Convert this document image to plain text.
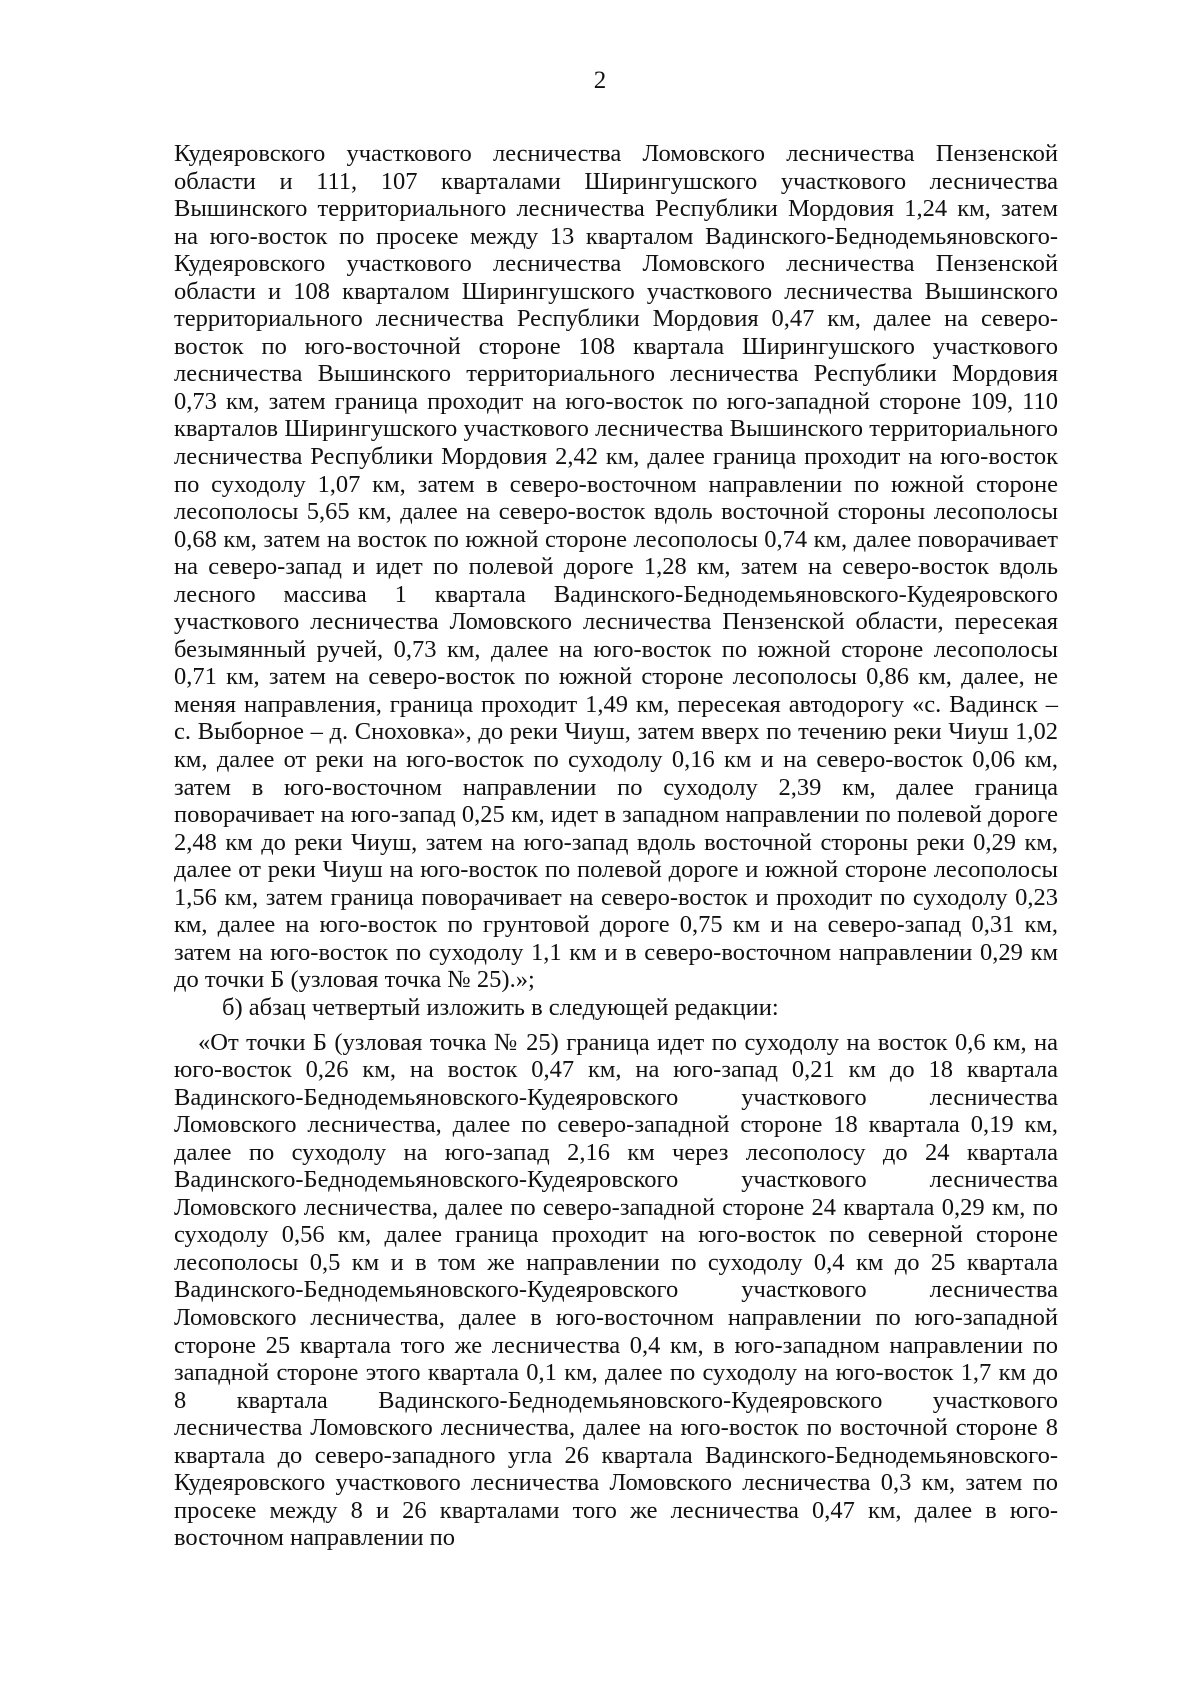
2

Кудеяровского участкового лесничества Ломовского лесничества Пензенской области и 111, 107 кварталами Ширингушского участкового лесничества Вышинского территориального лесничества Республики Мордовия 1,24 км, затем на юго-восток по просеке между 13 кварталом Вадинского-Беднодемьяновского-Кудеяровского участкового лесничества Ломовского лесничества Пензенской области и 108 кварталом Ширингушского участкового лесничества Вышинского территориального лесничества Республики Мордовия 0,47 км, далее на северо-восток по юго-восточной стороне 108 квартала Ширингушского участкового лесничества Вышинского территориального лесничества Республики Мордовия 0,73 км, затем граница проходит на юго-восток по юго-западной стороне 109, 110 кварталов Ширингушского участкового лесничества Вышинского территориального лесничества Республики Мордовия 2,42 км, далее граница проходит на юго-восток по суходолу 1,07 км, затем в северо-восточном направлении по южной стороне лесополосы 5,65 км, далее на северо-восток вдоль восточной стороны лесополосы 0,68 км, затем на восток по южной стороне лесополосы 0,74 км, далее поворачивает на северо-запад и идет по полевой дороге 1,28 км, затем на северо-восток вдоль лесного массива 1 квартала Вадинского-Беднодемьяновского-Кудеяровского участкового лесничества Ломовского лесничества Пензенской области, пересекая безымянный ручей, 0,73 км, далее на юго-восток по южной стороне лесополосы 0,71 км, затем на северо-восток по южной стороне лесополосы 0,86 км, далее, не меняя направления, граница проходит 1,49 км, пересекая автодорогу «с. Вадинск – с. Выборное – д. Сноховка», до реки Чиуш, затем вверх по течению реки Чиуш 1,02 км, далее от реки на юго-восток по суходолу 0,16 км и на северо-восток 0,06 км, затем в юго-восточном направлении по суходолу 2,39 км, далее граница поворачивает на юго-запад 0,25 км, идет в западном направлении по полевой дороге 2,48 км до реки Чиуш, затем на юго-запад вдоль восточной стороны реки 0,29 км, далее от реки Чиуш на юго-восток по полевой дороге и южной стороне лесополосы 1,56 км, затем граница поворачивает на северо-восток и проходит по суходолу 0,23 км, далее на юго-восток по грунтовой дороге 0,75 км и на северо-запад 0,31 км, затем на юго-восток по суходолу 1,1 км и в северо-восточном направлении 0,29 км до точки Б (узловая точка № 25).»;

б) абзац четвертый изложить в следующей редакции:

«От точки Б (узловая точка № 25) граница идет по суходолу на восток 0,6 км, на юго-восток 0,26 км, на восток 0,47 км, на юго-запад 0,21 км до 18 квартала Вадинского-Беднодемьяновского-Кудеяровского участкового лесничества Ломовского лесничества, далее по северо-западной стороне 18 квартала 0,19 км, далее по суходолу на юго-запад 2,16 км через лесополосу до 24 квартала Вадинского-Беднодемьяновского-Кудеяровского участкового лесничества Ломовского лесничества, далее по северо-западной стороне 24 квартала 0,29 км, по суходолу 0,56 км, далее граница проходит на юго-восток по северной стороне лесополосы 0,5 км и в том же направлении по суходолу 0,4 км до 25 квартала Вадинского-Беднодемьяновского-Кудеяровского участкового лесничества Ломовского лесничества, далее в юго-восточном направлении по юго-западной стороне 25 квартала того же лесничества 0,4 км, в юго-западном направлении по западной стороне этого квартала 0,1 км, далее по суходолу на юго-восток 1,7 км до 8 квартала Вадинского-Беднодемьяновского-Кудеяровского участкового лесничества Ломовского лесничества, далее на юго-восток по восточной стороне 8 квартала до северо-западного угла 26 квартала Вадинского-Беднодемьяновского-Кудеяровского участкового лесничества Ломовского лесничества 0,3 км, затем по просеке между 8 и 26 кварталами того же лесничества 0,47 км, далее в юго-восточном направлении по
